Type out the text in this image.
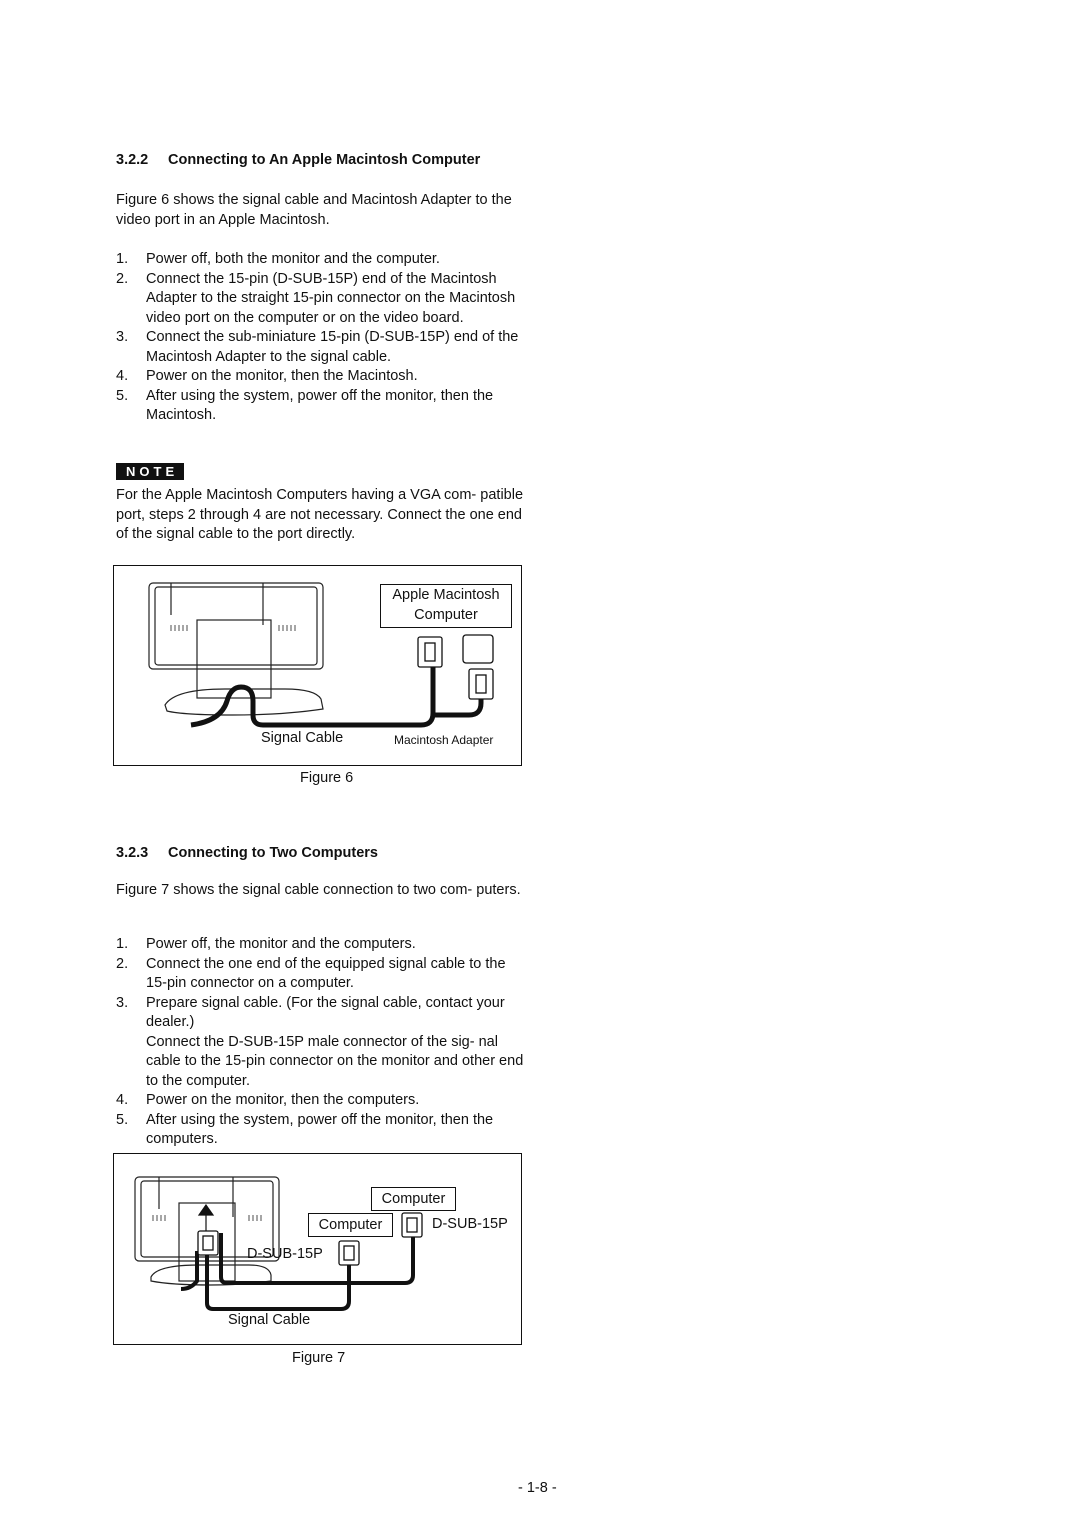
3.2.2 Connecting to An Apple Macintosh Computer

Figure 6 shows the signal cable and Macintosh Adapter to the video port in an Apple Macintosh.

1. Power off, both the monitor and the computer.
2. Connect the 15-pin (D-SUB-15P) end of the Macintosh Adapter to the straight 15-pin connector on the Macintosh video port on the computer or on the video board.
3. Connect the sub-miniature 15-pin (D-SUB-15P) end of the Macintosh Adapter to the signal cable.
4. Power on the monitor, then the Macintosh.
5. After using the system, power off the monitor, then the Macintosh.
NOTE

For the Apple Macintosh Computers having a VGA com- patible port, steps 2 through 4 are not necessary. Connect the one end of the signal cable to the port directly.

Apple Macintosh
Computer
Signal Cable	Macintosh Adapter
Figure 6
3.2.3 Connecting to Two Computers

Figure 7 shows the signal cable connection to two com- puters.

1. Power off, the monitor and the computers.
2. Connect the one end of the equipped signal cable to the 15-pin connector on a computer.
3. Prepare signal cable. (For the signal cable, contact your dealer.)
Connect the D-SUB-15P male connector of the sig- nal cable to the 15-pin connector on the monitor and other end to the computer.
4. Power on the monitor, then the computers.
5. After using the system, power off the monitor, then the computers.
Computer
Computer	D-SUB-15P
D-SUB-15P
Signal Cable
Figure 7
- 1-8 -
